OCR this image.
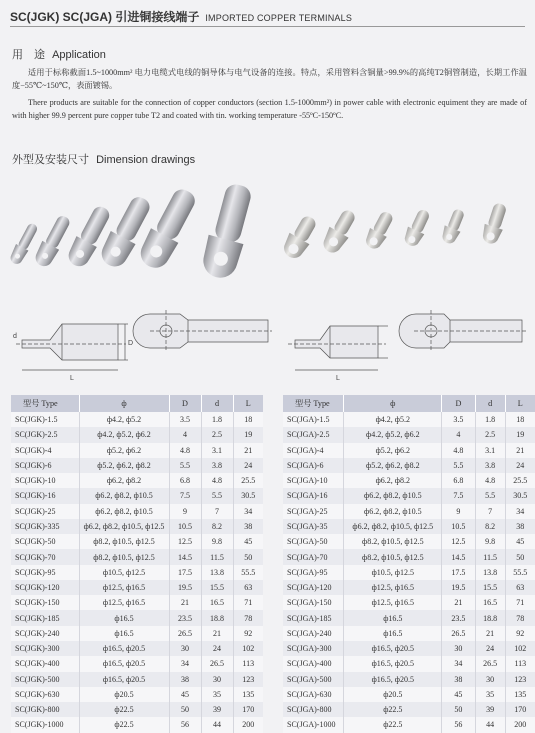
SC(JGK) SC(JGA) 引进铜接线端子 IMPORTED COPPER TERMINALS
用　途 Application
适用于标称截面1.5~1000mm² 电力电缆式电线的铜导体与电气设备的连接。特点，采用管料含铜量>99.9%的高纯T2铜管制造，长期工作温度−55℃~150℃，表面镀锡。
There products are suitable for the connection of copper conductors (section 1.5-1000mm²) in power cable with electronic equiment they are made of with higher 99.9 percent pure copper tube T2 and coated with tin. working temperature -55ºC-150ºC.
外型及安装尺寸 Dimension drawings
L
D
d
L
型号 Type	ф	D	d	L
SC(JGK)-1.5	ф4.2, ф5.2	3.5	1.8	18
SC(JGK)-2.5	ф4.2, ф5.2, ф6.2	4	2.5	19
SC(JGK)-4	ф5.2, ф6.2	4.8	3.1	21
SC(JGK)-6	ф5.2, ф6.2, ф8.2	5.5	3.8	24
SC(JGK)-10	ф6.2, ф8.2	6.8	4.8	25.5
SC(JGK)-16	ф6.2, ф8.2, ф10.5	7.5	5.5	30.5
SC(JGK)-25	ф6.2, ф8.2, ф10.5	9	7	34
SC(JGK)-335	ф6.2, ф8.2, ф10.5, ф12.5	10.5	8.2	38
SC(JGK)-50	ф8.2, ф10.5, ф12.5	12.5	9.8	45
SC(JGK)-70	ф8.2, ф10.5, ф12.5	14.5	11.5	50
SC(JGK)-95	ф10.5, ф12.5	17.5	13.8	55.5
SC(JGK)-120	ф12.5, ф16.5	19.5	15.5	63
SC(JGK)-150	ф12.5, ф16.5	21	16.5	71
SC(JGK)-185	ф16.5	23.5	18.8	78
SC(JGK)-240	ф16.5	26.5	21	92
SC(JGK)-300	ф16.5, ф20.5	30	24	102
SC(JGK)-400	ф16.5, ф20.5	34	26.5	113
SC(JGK)-500	ф16.5, ф20.5	38	30	123
SC(JGK)-630	ф20.5	45	35	135
SC(JGK)-800	ф22.5	50	39	170
SC(JGK)-1000	ф22.5	56	44	200
型号 Type	ф	D	d	L
SC(JGA)-1.5	ф4.2, ф5.2	3.5	1.8	18
SC(JGA)-2.5	ф4.2, ф5.2, ф6.2	4	2.5	19
SC(JGA)-4	ф5.2, ф6.2	4.8	3.1	21
SC(JGA)-6	ф5.2, ф6.2, ф8.2	5.5	3.8	24
SC(JGA)-10	ф6.2, ф8.2	6.8	4.8	25.5
SC(JGA)-16	ф6.2, ф8.2, ф10.5	7.5	5.5	30.5
SC(JGA)-25	ф6.2, ф8.2, ф10.5	9	7	34
SC(JGA)-35	ф6.2, ф8.2, ф10.5, ф12.5	10.5	8.2	38
SC(JGA)-50	ф8.2, ф10.5, ф12.5	12.5	9.8	45
SC(JGA)-70	ф8.2, ф10.5, ф12.5	14.5	11.5	50
SC(JGA)-95	ф10.5, ф12.5	17.5	13.8	55.5
SC(JGA)-120	ф12.5, ф16.5	19.5	15.5	63
SC(JGA)-150	ф12.5, ф16.5	21	16.5	71
SC(JGA)-185	ф16.5	23.5	18.8	78
SC(JGA)-240	ф16.5	26.5	21	92
SC(JGA)-300	ф16.5, ф20.5	30	24	102
SC(JGA)-400	ф16.5, ф20.5	34	26.5	113
SC(JGA)-500	ф16.5, ф20.5	38	30	123
SC(JGA)-630	ф20.5	45	35	135
SC(JGA)-800	ф22.5	50	39	170
SC(JGA)-1000	ф22.5	56	44	200
